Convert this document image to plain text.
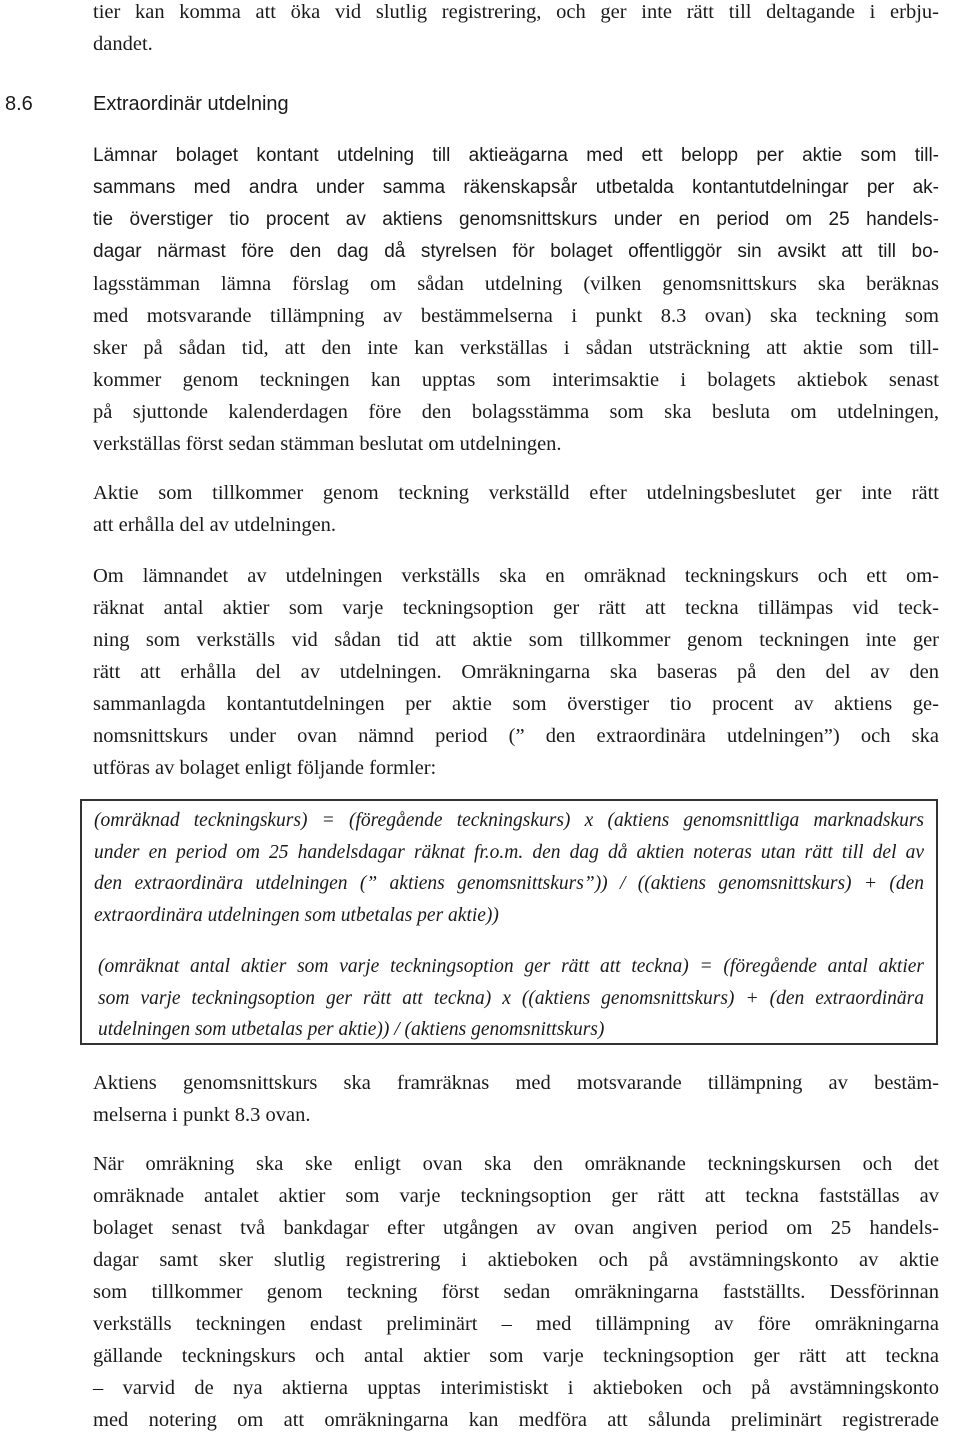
tier kan komma att öka vid slutlig registrering, och ger inte rätt till deltagande i erbju-
dandet.
8.6	Extraordinär utdelning
Lämnar bolaget kontant utdelning till aktieägarna med ett belopp per aktie som till-
sammans med andra under samma räkenskapsår utbetalda kontantutdelningar per ak-
tie överstiger tio procent av aktiens genomsnittskurs under en period om 25 handels-
dagar närmast före den dag då styrelsen för bolaget offentliggör sin avsikt att till bo-
lagsstämman lämna förslag om sådan utdelning (vilken genomsnittskurs ska beräknas
med motsvarande tillämpning av bestämmelserna i punkt 8.3 ovan) ska teckning som
sker på sådan tid, att den inte kan verkställas i sådan utsträckning att aktie som till-
kommer genom teckningen kan upptas som interimsaktie i bolagets aktiebok senast
på sjuttonde kalenderdagen före den bolagsstämma som ska besluta om utdelningen,
verkställas först sedan stämman beslutat om utdelningen.
Aktie som tillkommer genom teckning verkställd efter utdelningsbeslutet ger inte rätt
att erhålla del av utdelningen.
Om lämnandet av utdelningen verkställs ska en omräknad teckningskurs och ett om-
räknat antal aktier som varje teckningsoption ger rätt att teckna tillämpas vid teck-
ning som verkställs vid sådan tid att aktie som tillkommer genom teckningen inte ger
rätt att erhålla del av utdelningen. Omräkningarna ska baseras på den del av den
sammanlagda kontantutdelningen per aktie som överstiger tio procent av aktiens ge-
nomsnittskurs under ovan nämnd period (” den extraordinära utdelningen”) och ska
utföras av bolaget enligt följande formler:
(omräknad teckningskurs) = (föregående teckningskurs) x (aktiens genomsnittliga marknadskurs
under en period om 25 handelsdagar räknat fr.o.m. den dag då aktien noteras utan rätt till del av
den extraordinära utdelningen (” aktiens genomsnittskurs”)) / ((aktiens genomsnittskurs) + (den
extraordinära utdelningen som utbetalas per aktie))
(omräknat antal aktier som varje teckningsoption ger rätt att teckna) = (föregående antal aktier
som varje teckningsoption ger rätt att teckna) x ((aktiens genomsnittskurs) + (den extraordinära
utdelningen som utbetalas per aktie)) / (aktiens genomsnittskurs)
Aktiens genomsnittskurs ska framräknas med motsvarande tillämpning av bestäm-
melserna i punkt 8.3 ovan.
När omräkning ska ske enligt ovan ska den omräknande teckningskursen och det
omräknade antalet aktier som varje teckningsoption ger rätt att teckna fastställas av
bolaget senast två bankdagar efter utgången av ovan angiven period om 25 handels-
dagar samt sker slutlig registrering i aktieboken och på avstämningskonto av aktie
som tillkommer genom teckning först sedan omräkningarna fastställts. Dessförinnan
verkställs teckningen endast preliminärt – med tillämpning av före omräkningarna
gällande teckningskurs och antal aktier som varje teckningsoption ger rätt att teckna
– varvid de nya aktierna upptas interimistiskt i aktieboken och på avstämningskonto
med notering om att omräkningarna kan medföra att sålunda preliminärt registrerade
